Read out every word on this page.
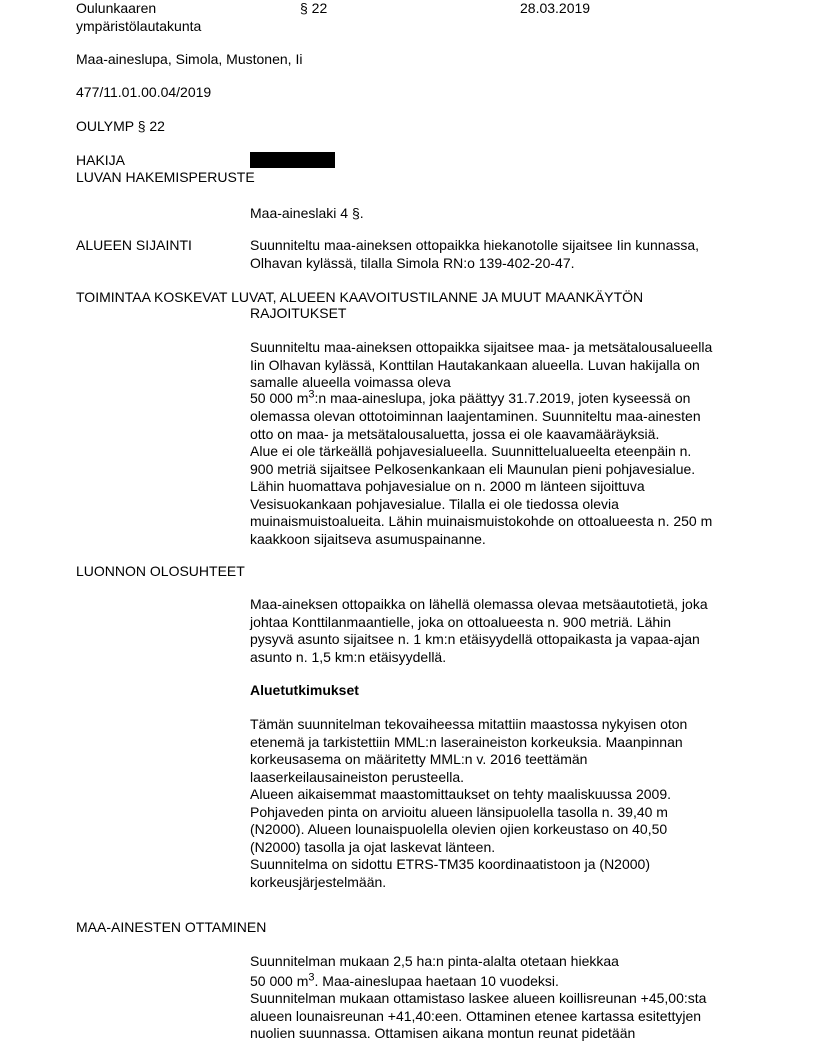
Oulunkaaren
ympäristölautakunta
§ 22	28.03.2019
Maa-aineslupa, Simola, Mustonen, Ii
477/11.01.00.04/2019
OULYMP § 22
HAKIJA
LUVAN HAKEMISPERUSTE
Maa-aineslaki 4 §.
ALUEEN SIJAINTI	Suunniteltu maa-aineksen ottopaikka hiekanotolle sijaitsee Iin kunnassa,
Olhavan kylässä, tilalla Simola RN:o 139-402-20-47.
TOIMINTAA KOSKEVAT LUVAT, ALUEEN KAAVOITUSTILANNE JA MUUT MAANKÄYTÖN
RAJOITUKSET
Suunniteltu maa-aineksen ottopaikka sijaitsee maa- ja metsätalousalueella
Iin Olhavan kylässä, Konttilan Hautakankaan alueella. Luvan hakijalla on
samalle alueella voimassa oleva
50 000 $m^3:n$ maa-aineslupa, joka päättyy 31.7.2019, joten kyseessä on
olemassa olevan ottotoiminnan laajentaminen. Suunniteltu maa-ainesten
otto on maa- ja metsätalousaluetta, jossa ei ole kaavamääräyksiä.
Alue ei ole tärkeällä pohjavesialueella. Suunnittelualueelta eteenpäin n.
900 metriä sijaitsee Pelkosenkankaan eli Maunulan pieni pohjavesialue.
Lähin huomattava pohjavesialue on n. 2000 m länteen sijoittuva
Vesisuokankaan pohjavesialue. Tilalla ei ole tiedossa olevia
muinaismuistoalueita. Lähin muinaismuistokohde on ottoalueesta n. 250 m
kaakkoon sijaitseva asumuspainanne.
LUONNON OLOSUHTEET
Maa-aineksen ottopaikka on lähellä olemassa olevaa metsäautotietä, joka
johtaa Konttilanmaantielle, joka on ottoalueesta n. 900 metriä. Lähin
pysyvä asunto sijaitsee n. 1 km:n etäisyydellä ottopaikasta ja vapaa-ajan
asunto n. 1,5 km:n etäisyydellä.
Aluetutkimukset
Tämän suunnitelman tekovaiheessa mitattiin maastossa nykyisen oton
etenemä ja tarkistettiin MML:n laseraineiston korkeuksia. Maanpinnan
korkeusasema on määritetty MML:n v. 2016 teettämän
laaserkeilausaineiston perusteella.
Alueen aikaisemmat maastomittaukset on tehty maaliskuussa 2009.
Pohjaveden pinta on arvioitu alueen länsipuolella tasolla n. 39,40 m
(N2000). Alueen lounaispuolella olevien ojien korkeustaso on 40,50
(N2000) tasolla ja ojat laskevat länteen.
Suunnitelma on sidottu ETRS-TM35 koordinaatistoon ja (N2000)
korkeusjärjestelmään.
MAA-AINESTEN OTTAMINEN
Suunnitelman mukaan 2,5 ha:n pinta-alalta otetaan hiekkaa
50 000 $m^3$. Maa-aineslupaa haetaan 10 vuodeksi.
Suunnitelman mukaan ottamistaso laskee alueen koillisreunan +45,00:sta
alueen lounaisreunan +41,40:een. Ottaminen etenee kartassa esitettyjen
nuolien suunnassa. Ottamisen aikana montun reunat pidetään
